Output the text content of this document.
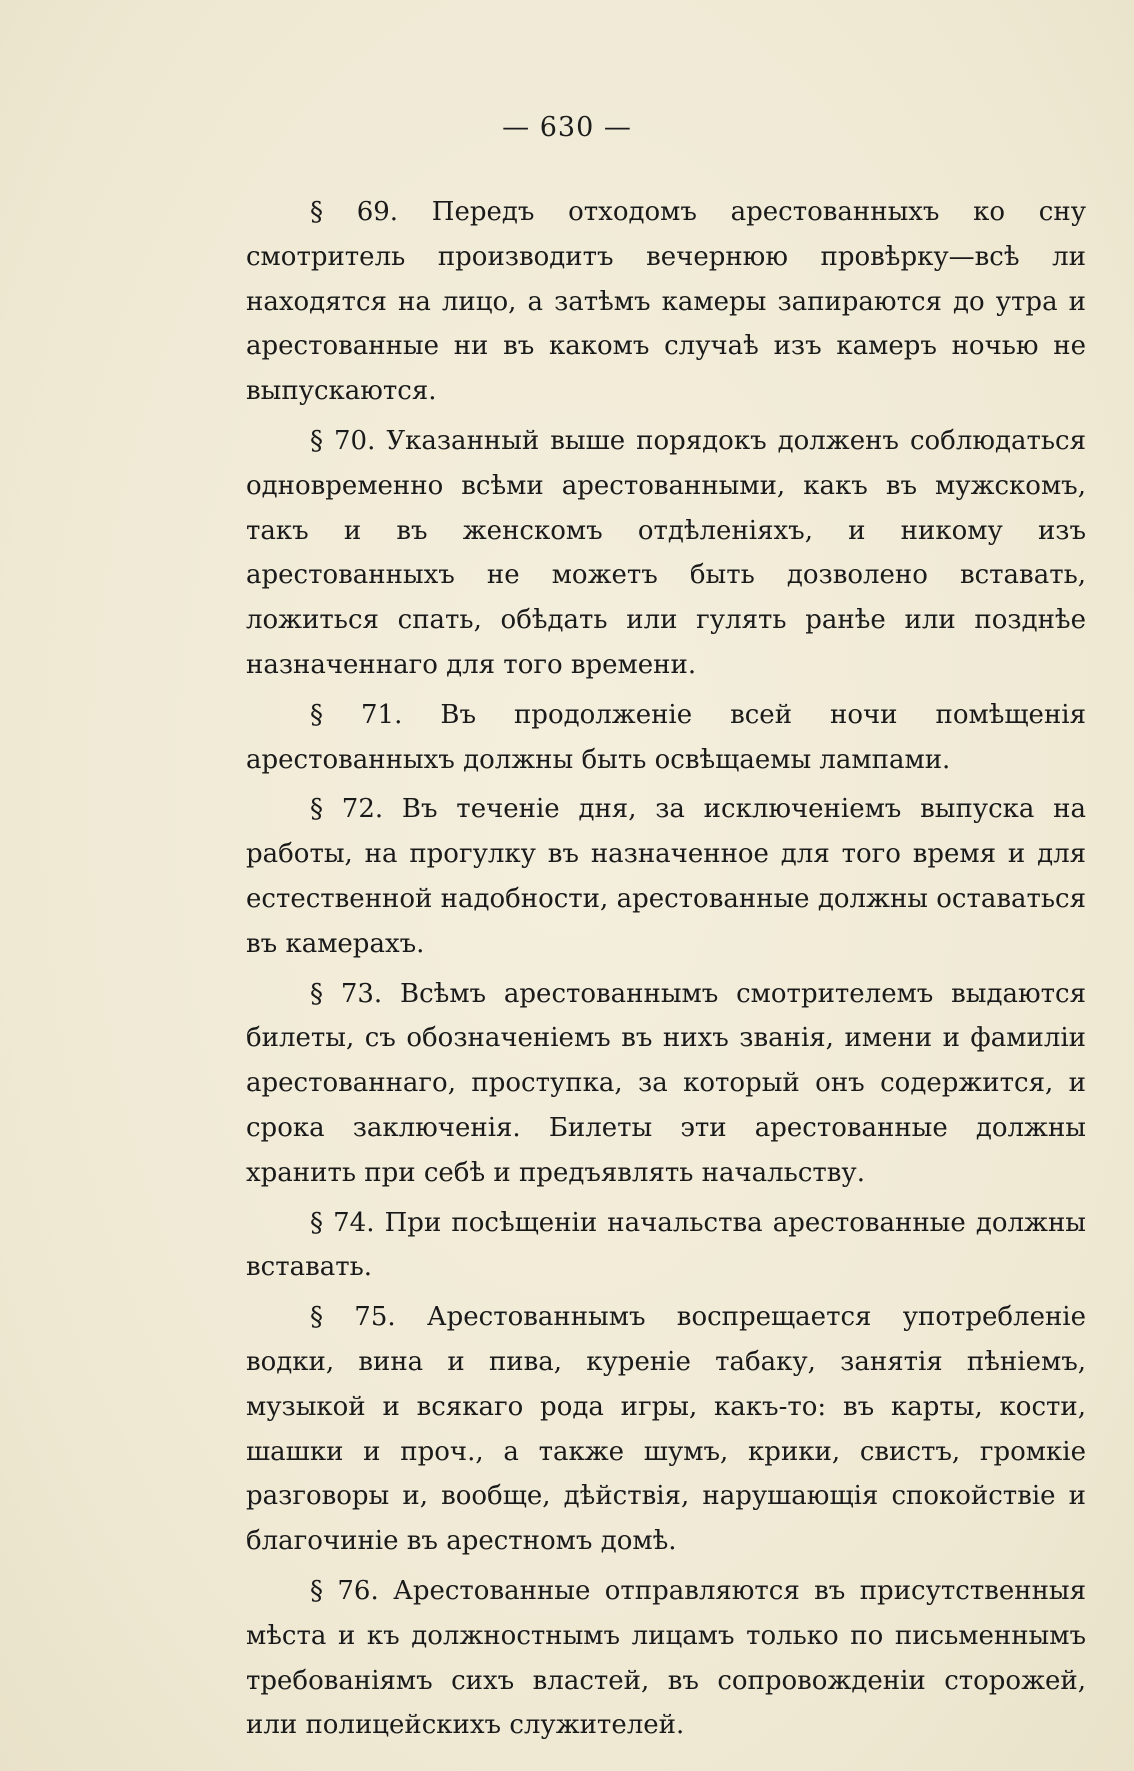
— 630 —

§ 69. Передъ отходомъ арестованныхъ ко сну смотритель производитъ вечернюю провѣрку—всѣ ли находятся на лицо, а затѣмъ камеры запираются до утра и арестованные ни въ какомъ случаѣ изъ камеръ ночью не выпускаются.

§ 70. Указанный выше порядокъ долженъ соблюдаться одновременно всѣми арестованными, какъ въ мужскомъ, такъ и въ женскомъ отдѣленіяхъ, и никому изъ арестованныхъ не можетъ быть дозволено вставать, ложиться спать, обѣдать или гулять ранѣе или позднѣе назначеннаго для того времени.

§ 71. Въ продолженіе всей ночи помѣщенія арестованныхъ должны быть освѣщаемы лампами.

§ 72. Въ теченіе дня, за исключеніемъ выпуска на работы, на прогулку въ назначенное для того время и для естественной надобности, арестованные должны оставаться въ камерахъ.

§ 73. Всѣмъ арестованнымъ смотрителемъ выдаются билеты, съ обозначеніемъ въ нихъ званія, имени и фамиліи арестованнаго, проступка, за который онъ содержится, и срока заключенія. Билеты эти арестованные должны хранить при себѣ и предъявлять начальству.

§ 74. При посѣщеніи начальства арестованные должны вставать.

§ 75. Арестованнымъ воспрещается употребленіе водки, вина и пива, куреніе табаку, занятія пѣніемъ, музыкой и всякаго рода игры, какъ-то: въ карты, кости, шашки и проч., а также шумъ, крики, свистъ, громкіе разговоры и, вообще, дѣйствія, нарушающія спокойствіе и благочиніе въ арестномъ домѣ.

§ 76. Арестованные отправляются въ присутственныя мѣста и къ должностнымъ лицамъ только по письменнымъ требованіямъ сихъ властей, въ сопровожденіи сторожей, или полицейскихъ служителей.
